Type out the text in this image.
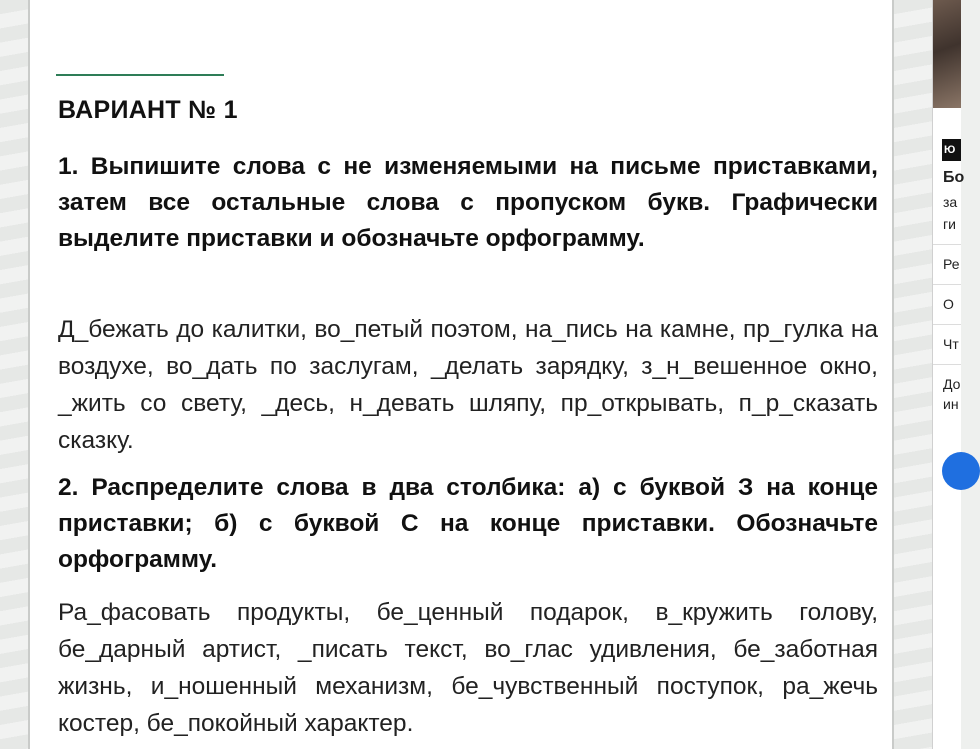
ВАРИАНТ № 1
1. Выпишите слова с не изменяемыми на письме приставками, затем все остальные слова с пропуском букв. Графически выделите приставки и обозначьте орфограмму.
Д_бежать до калитки, во_петый поэтом, на_пись на камне, пр_гулка на воздухе, во_дать по заслугам, _делать зарядку, з_н_вешенное окно, _жить со свету, _десь, н_девать шляпу, пр_открывать, п_р_сказать сказку.
2. Распределите слова в два столбика: а) с буквой З на конце приставки; б) с буквой С на конце приставки. Обозначьте орфограмму.
Ра_фасовать продукты, бе_ценный подарок, в_кружить голову, бе_дарный артист, _писать текст, во_глас удивления, бе_заботная жизнь, и_ношенный механизм, бе_чувственный поступок, ра_жечь костер, бе_покойный характер.
Ю
Бо
за
ги
Ре
О
Чт
До
ин
